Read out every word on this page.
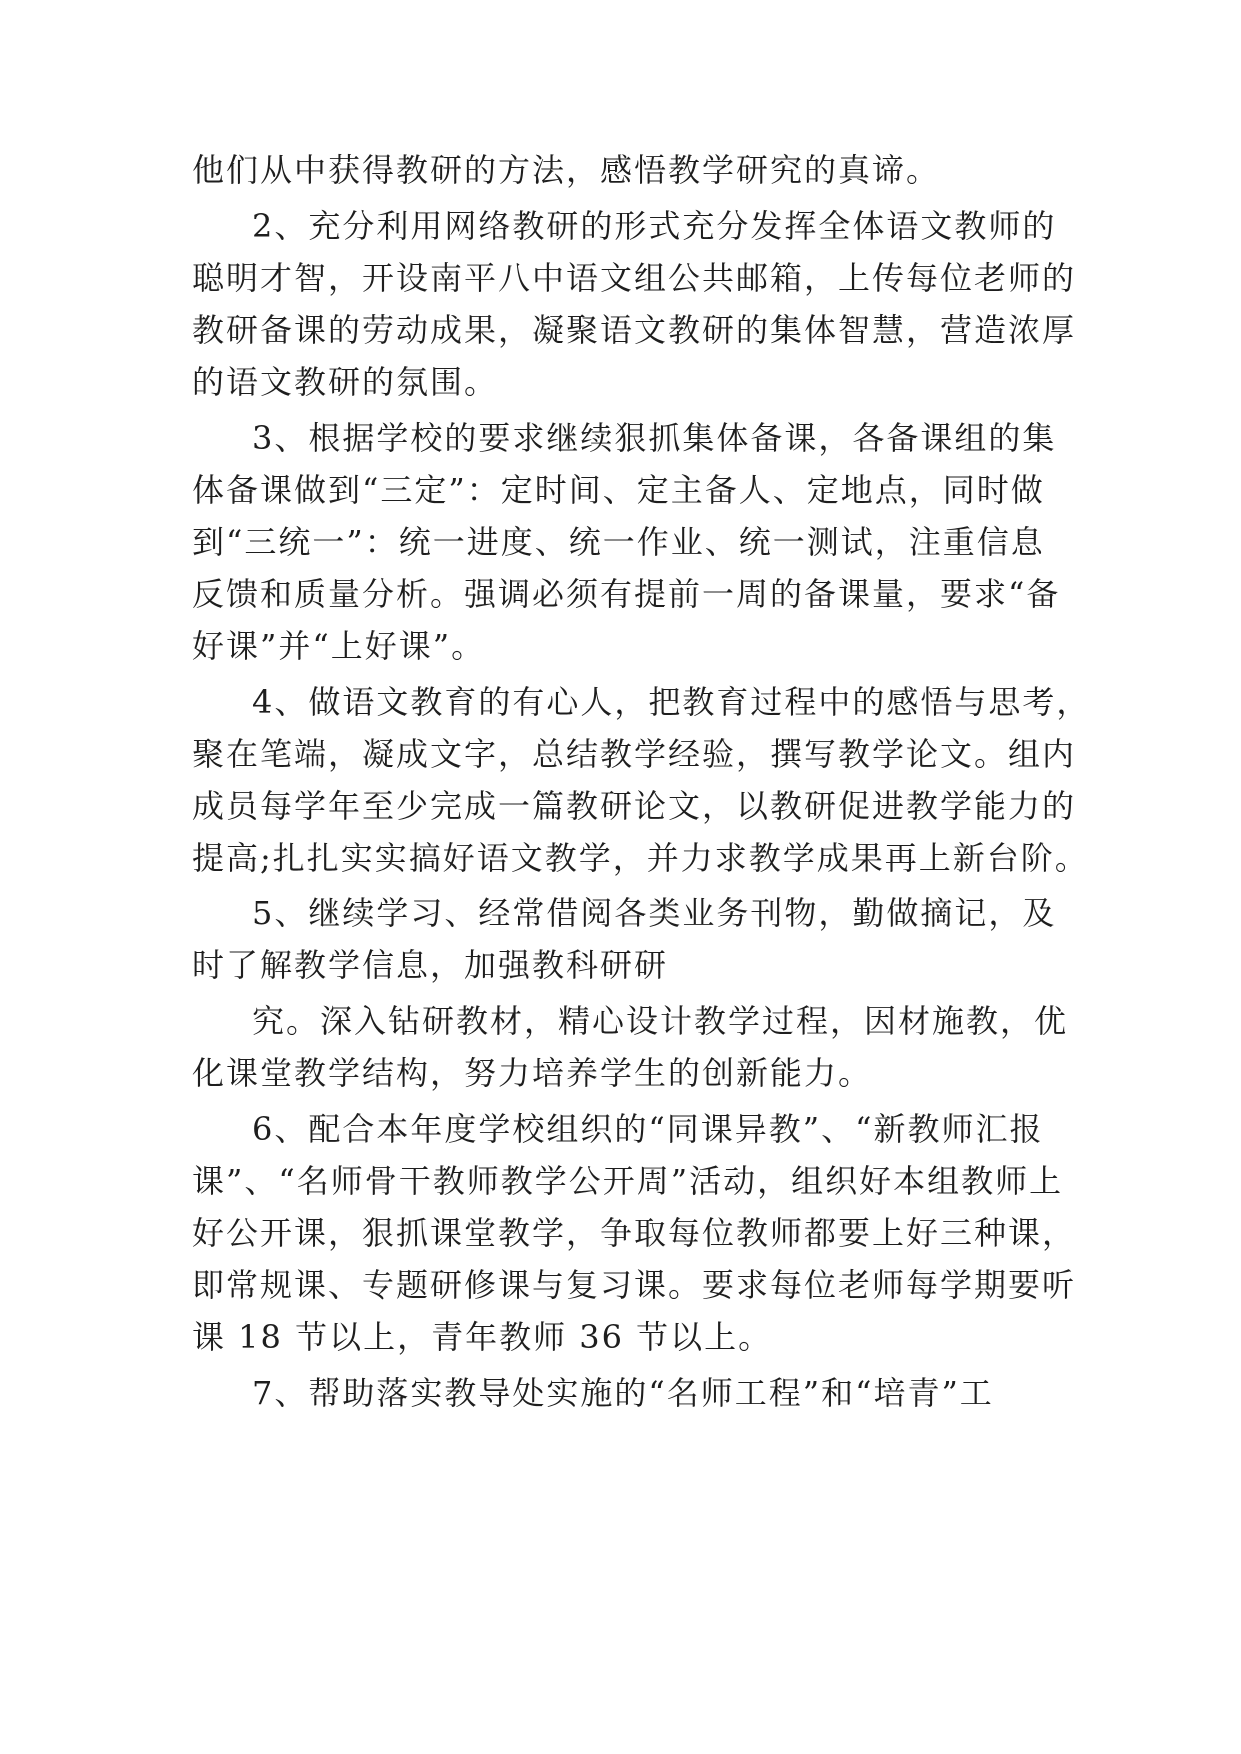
他们从中获得教研的方法，感悟教学研究的真谛。
2、充分利用网络教研的形式充分发挥全体语文教师的
聪明才智，开设南平八中语文组公共邮箱，上传每位老师的
教研备课的劳动成果，凝聚语文教研的集体智慧，营造浓厚
的语文教研的氛围。
3、根据学校的要求继续狠抓集体备课，各备课组的集
体备课做到“三定”：定时间、定主备人、定地点，同时做
到“三统一”：统一进度、统一作业、统一测试，注重信息
反馈和质量分析。强调必须有提前一周的备课量，要求“备
好课”并“上好课”。
4、做语文教育的有心人，把教育过程中的感悟与思考，
聚在笔端，凝成文字，总结教学经验，撰写教学论文。组内
成员每学年至少完成一篇教研论文，以教研促进教学能力的
提高;扎扎实实搞好语文教学，并力求教学成果再上新台阶。
5、继续学习、经常借阅各类业务刊物，勤做摘记，及
时了解教学信息，加强教科研研
究。深入钻研教材，精心设计教学过程，因材施教，优
化课堂教学结构，努力培养学生的创新能力。
6、配合本年度学校组织的“同课异教”、“新教师汇报
课”、“名师骨干教师教学公开周”活动，组织好本组教师上
好公开课，狠抓课堂教学，争取每位教师都要上好三种课，
即常规课、专题研修课与复习课。要求每位老师每学期要听
课 18 节以上，青年教师 36 节以上。
7、帮助落实教导处实施的“名师工程”和“培青”工
